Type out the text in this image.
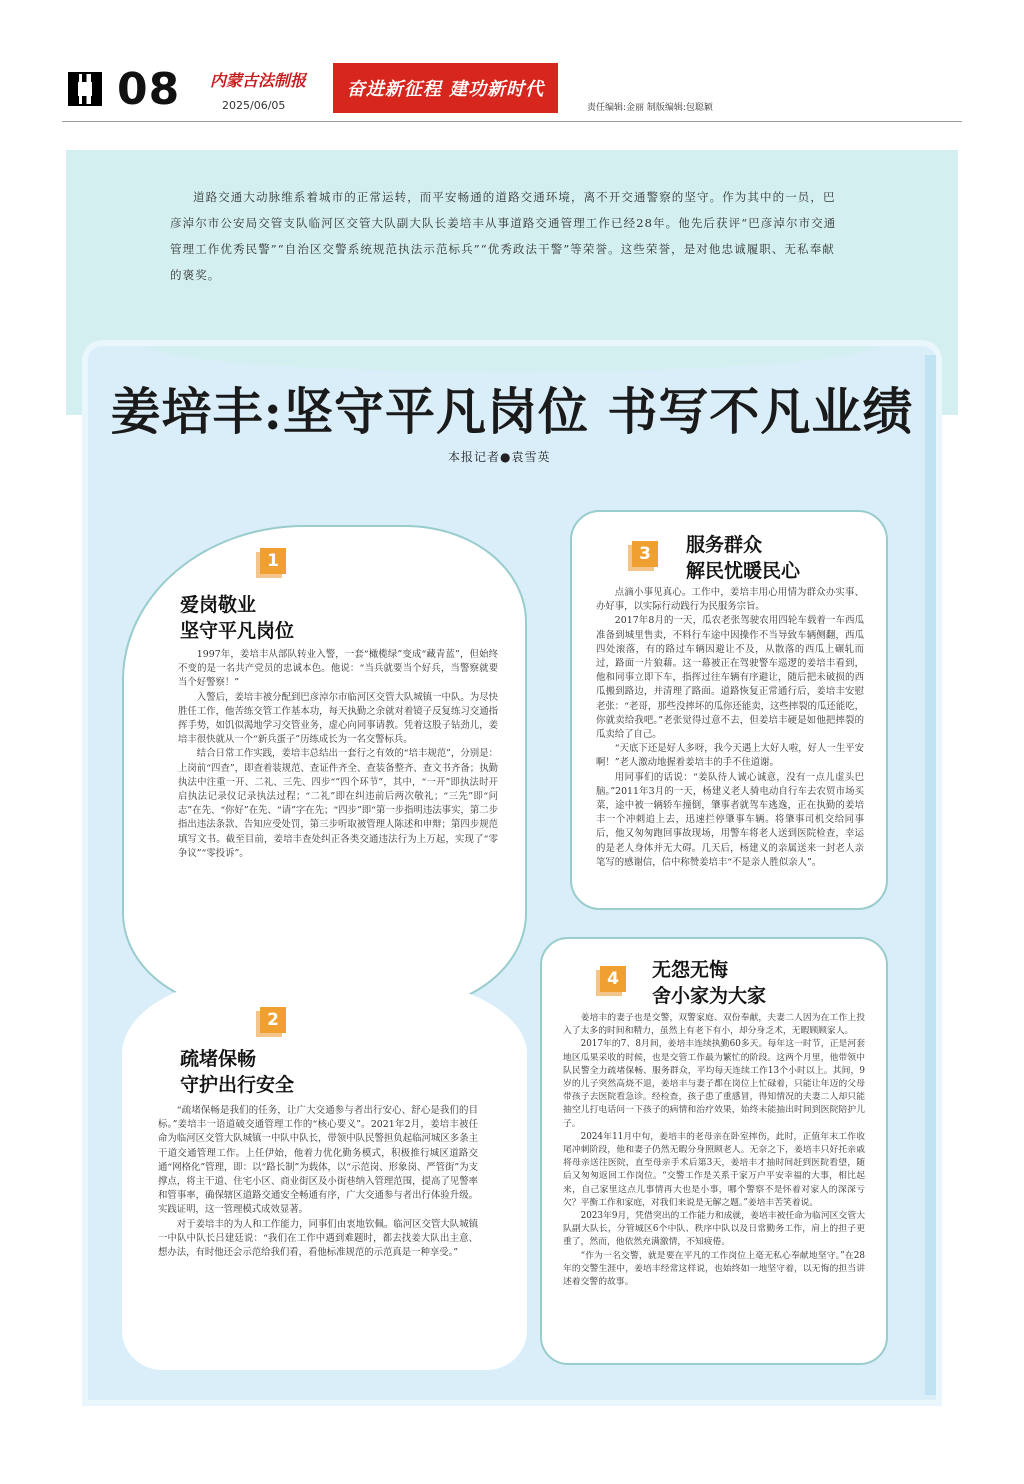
08 内蒙古法制报
2025/06/05
奋进新征程 建功新时代
责任编辑:金丽 制版编辑:包聪颖
道路交通大动脉维系着城市的正常运转，而平安畅通的道路交通环境，离不开交通警察的坚守。作为其中的一员，巴彦淖尔市公安局交管支队临河区交管大队副大队长姜培丰从事道路交通管理工作已经28年。他先后获评“巴彦淖尔市交通管理工作优秀民警”“自治区交警系统规范执法示范标兵”“优秀政法干警”等荣誉。这些荣誉，是对他忠诚履职、无私奉献的褒奖。
姜培丰:坚守平凡岗位 书写不凡业绩
本报记者●袁雪英
1
爱岗敬业
坚守平凡岗位

1997年，姜培丰从部队转业入警，一套“橄榄绿”变成“藏青蓝”，但始终不变的是一名共产党员的忠诚本色。他说：“当兵就要当个好兵，当警察就要当个好警察！”

入警后，姜培丰被分配到巴彦淖尔市临河区交管大队城镇一中队。为尽快胜任工作，他苦练交管工作基本功，每天执勤之余就对着镜子反复练习交通指挥手势，如饥似渴地学习交管业务，虚心向同事请教。凭着这股子钻劲儿，姜培丰很快就从一个“新兵蛋子”历练成长为一名交警标兵。

结合日常工作实践，姜培丰总结出一套行之有效的“培丰规范”，分别是：上岗前“四查”，即查着装规范、查证件齐全、查装备整齐、查文书齐备；执勤执法中注重一开、二礼、三先、四步“”四个环节”，其中，“一开”即执法时开启执法记录仪记录执法过程；“二礼”即在纠违前后两次敬礼；“三先”即“问志”在先、“你好”在先、“请”字在先；“四步”即“第一步指明违法事实，第二步指出违法条款、告知应受处罚，第三步听取被管理人陈述和申辩；第四步规范填写文书。截至目前，姜培丰查处纠正各类交通违法行为上万起，实现了“零争议”“零投诉”。

2
疏堵保畅
守护出行安全

“疏堵保畅是我们的任务，让广大交通参与者出行安心、舒心是我们的目标。”姜培丰一语道破交通管理工作的“核心要义”。2021年2月，姜培丰被任命为临河区交管大队城镇一中队中队长，带领中队民警担负起临河城区多条主干道交通管理工作。上任伊始，他着力优化勤务模式，积极推行城区道路交通“网格化”管理，即：以“路长制”为载体，以“示范岗、形象岗、严管街”为支撑点，将主干道、住宅小区、商业街区及小街巷纳入管理范围，提高了见警率和管事率，确保辖区道路交通安全畅通有序，广大交通参与者出行体验升级。实践证明，这一管理模式成效显著。

对于姜培丰的为人和工作能力，同事们由衷地钦佩。临河区交管大队城镇一中队中队长吕建廷说：“我们在工作中遇到难题时，都去找姜大队出主意、想办法，有时他还会示范给我们看，看他标准规范的示范真是一种享受。”

3	服务群众
解民忧暖民心

点滴小事见真心。工作中，姜培丰用心用情为群众办实事、办好事，以实际行动践行为民服务宗旨。

2017年8月的一天，瓜农老张驾驶农用四轮车载着一车西瓜准备到城里售卖，不料行车途中因操作不当导致车辆侧翻，西瓜四处滚落，有的路过车辆因避让不及，从散落的西瓜上碾轧而过，路面一片狼藉。这一幕被正在驾驶警车巡逻的姜培丰看到，他和同事立即下车，指挥过往车辆有序避让，随后把未破损的西瓜搬到路边，并清理了路面。道路恢复正常通行后，姜培丰安慰老张：“老哥，那些没摔坏的瓜你还能卖，这些摔裂的瓜还能吃，你就卖给我吧。”老张觉得过意不去，但姜培丰硬是如他把摔裂的瓜卖给了自己。

“天底下还是好人多呀，我今天遇上大好人啦，好人一生平安啊！”老人激动地握着姜培丰的手不住道谢。

用同事们的话说：“姜队待人诚心诚意，没有一点儿虚头巴脑。”2011年3月的一天，杨建义老人骑电动自行车去农贸市场买菜，途中被一辆轿车撞倒，肇事者就驾车逃逸，正在执勤的姜培丰一个冲刺追上去，迅速拦停肇事车辆。将肇事司机交给同事后，他又匆匆跑回事故现场，用警车将老人送到医院检查，幸运的是老人身体并无大碍。几天后，杨建义的亲属送来一封老人亲笔写的感谢信，信中称赞姜培丰“不是亲人胜似亲人”。

4	无怨无悔
舍小家为大家

姜培丰的妻子也是交警，双警家庭、双份奉献，夫妻二人因为在工作上投入了太多的时间和精力，虽然上有老下有小，却分身乏术，无暇顾顾家人。

2017年的7、8月间，姜培丰连续执勤60多天。每年这一时节，正是河套地区瓜果采收的时候，也是交管工作最为繁忙的阶段。这两个月里，他带领中队民警全力疏堵保畅、服务群众，平均每天连续工作13个小时以上。其间，9岁的儿子突然高烧不退，姜培丰与妻子都在岗位上忙碌着，只能让年迈的父母带孩子去医院看急诊。经检查，孩子患了重感冒，得知情况的夫妻二人却只能抽空儿打电话问一下孩子的病情和治疗效果，始终未能抽出时间到医院陪护儿子。

2024年11月中旬，姜培丰的老母亲在卧室摔伤，此时，正值年末工作收尾冲刺阶段，他和妻子仍然无暇分身照顾老人。无奈之下，姜培丰只好托亲戚将母亲送往医院，直至母亲手术后第3天，姜培丰才抽时间赶到医院看望，随后又匆匆返回工作岗位。“交警工作是关系千家万户平安幸福的大事，相比起来，自己家里这点儿事情再大也是小事，哪个警察不是怀着对家人的深深亏欠？平衡工作和家庭，对我们来说是无解之题。”姜培丰苦笑着说。

2023年9月，凭借突出的工作能力和成就，姜培丰被任命为临河区交管大队副大队长，分管城区6个中队、秩序中队以及日常勤务工作，肩上的担子更重了，然而，他依然充满激情，不知疲倦。

“作为一名交警，就是要在平凡的工作岗位上毫无私心奉献地坚守。”在28年的交警生涯中，姜培丰经常这样说，也始终如一地坚守着，以无悔的担当讲述着交警的故事。
